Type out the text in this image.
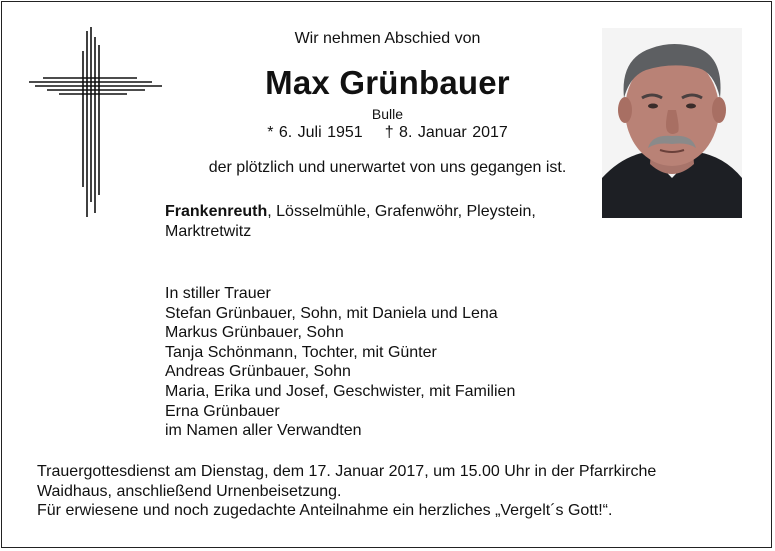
Wir nehmen Abschied von
Max Grünbauer
Bulle
* 6. Juli 1951 † 8. Januar 2017
der plötzlich und unerwartet von uns gegangen ist.
Frankenreuth, Lösselmühle, Grafenwöhr, Pleystein,
Marktretwitz
In stiller Trauer
Stefan Grünbauer, Sohn, mit Daniela und Lena
Markus Grünbauer, Sohn
Tanja Schönmann, Tochter, mit Günter
Andreas Grünbauer, Sohn
Maria, Erika und Josef, Geschwister, mit Familien
Erna Grünbauer
im Namen aller Verwandten
Trauergottesdienst am Dienstag, dem 17. Januar 2017, um 15.00 Uhr in der Pfarrkirche
Waidhaus, anschließend Urnenbeisetzung.
Für erwiesene und noch zugedachte Anteilnahme ein herzliches „Vergelt´s Gott!“.
